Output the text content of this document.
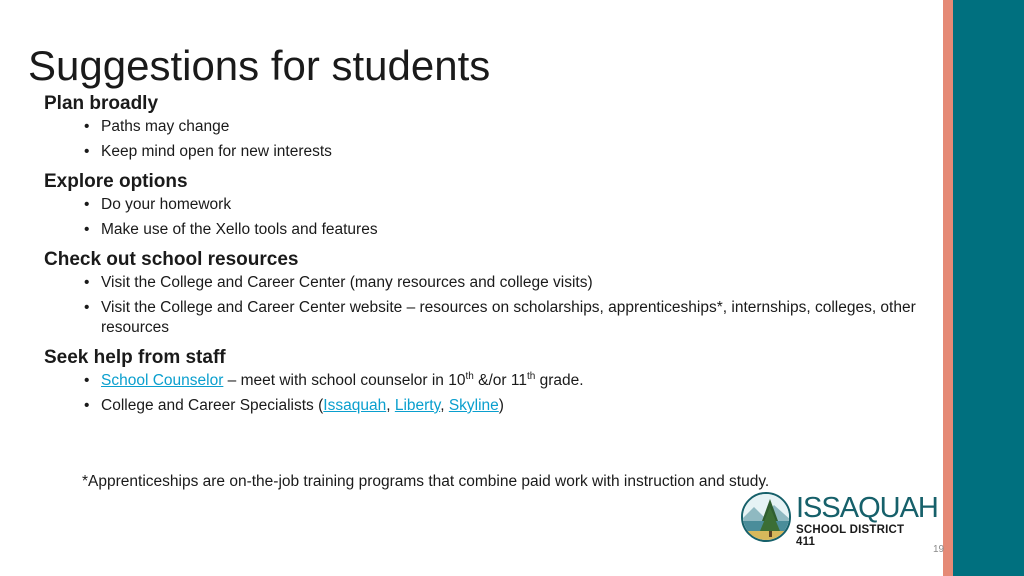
Suggestions for students
Plan broadly
• Paths may change
• Keep mind open for new interests
Explore options
• Do your homework
• Make use of the Xello tools and features
Check out school resources
• Visit the College and Career Center (many resources and college visits)
• Visit the College and Career Center website – resources on scholarships, apprenticeships*, internships, colleges, other resources
Seek help from staff
• School Counselor – meet with school counselor in 10th &/or 11th grade.
• College and Career Specialists (Issaquah, Liberty, Skyline)
*Apprenticeships are on-the-job training programs that combine paid work with instruction and study.
ISSAQUAH
SCHOOL DISTRICT 411
19
